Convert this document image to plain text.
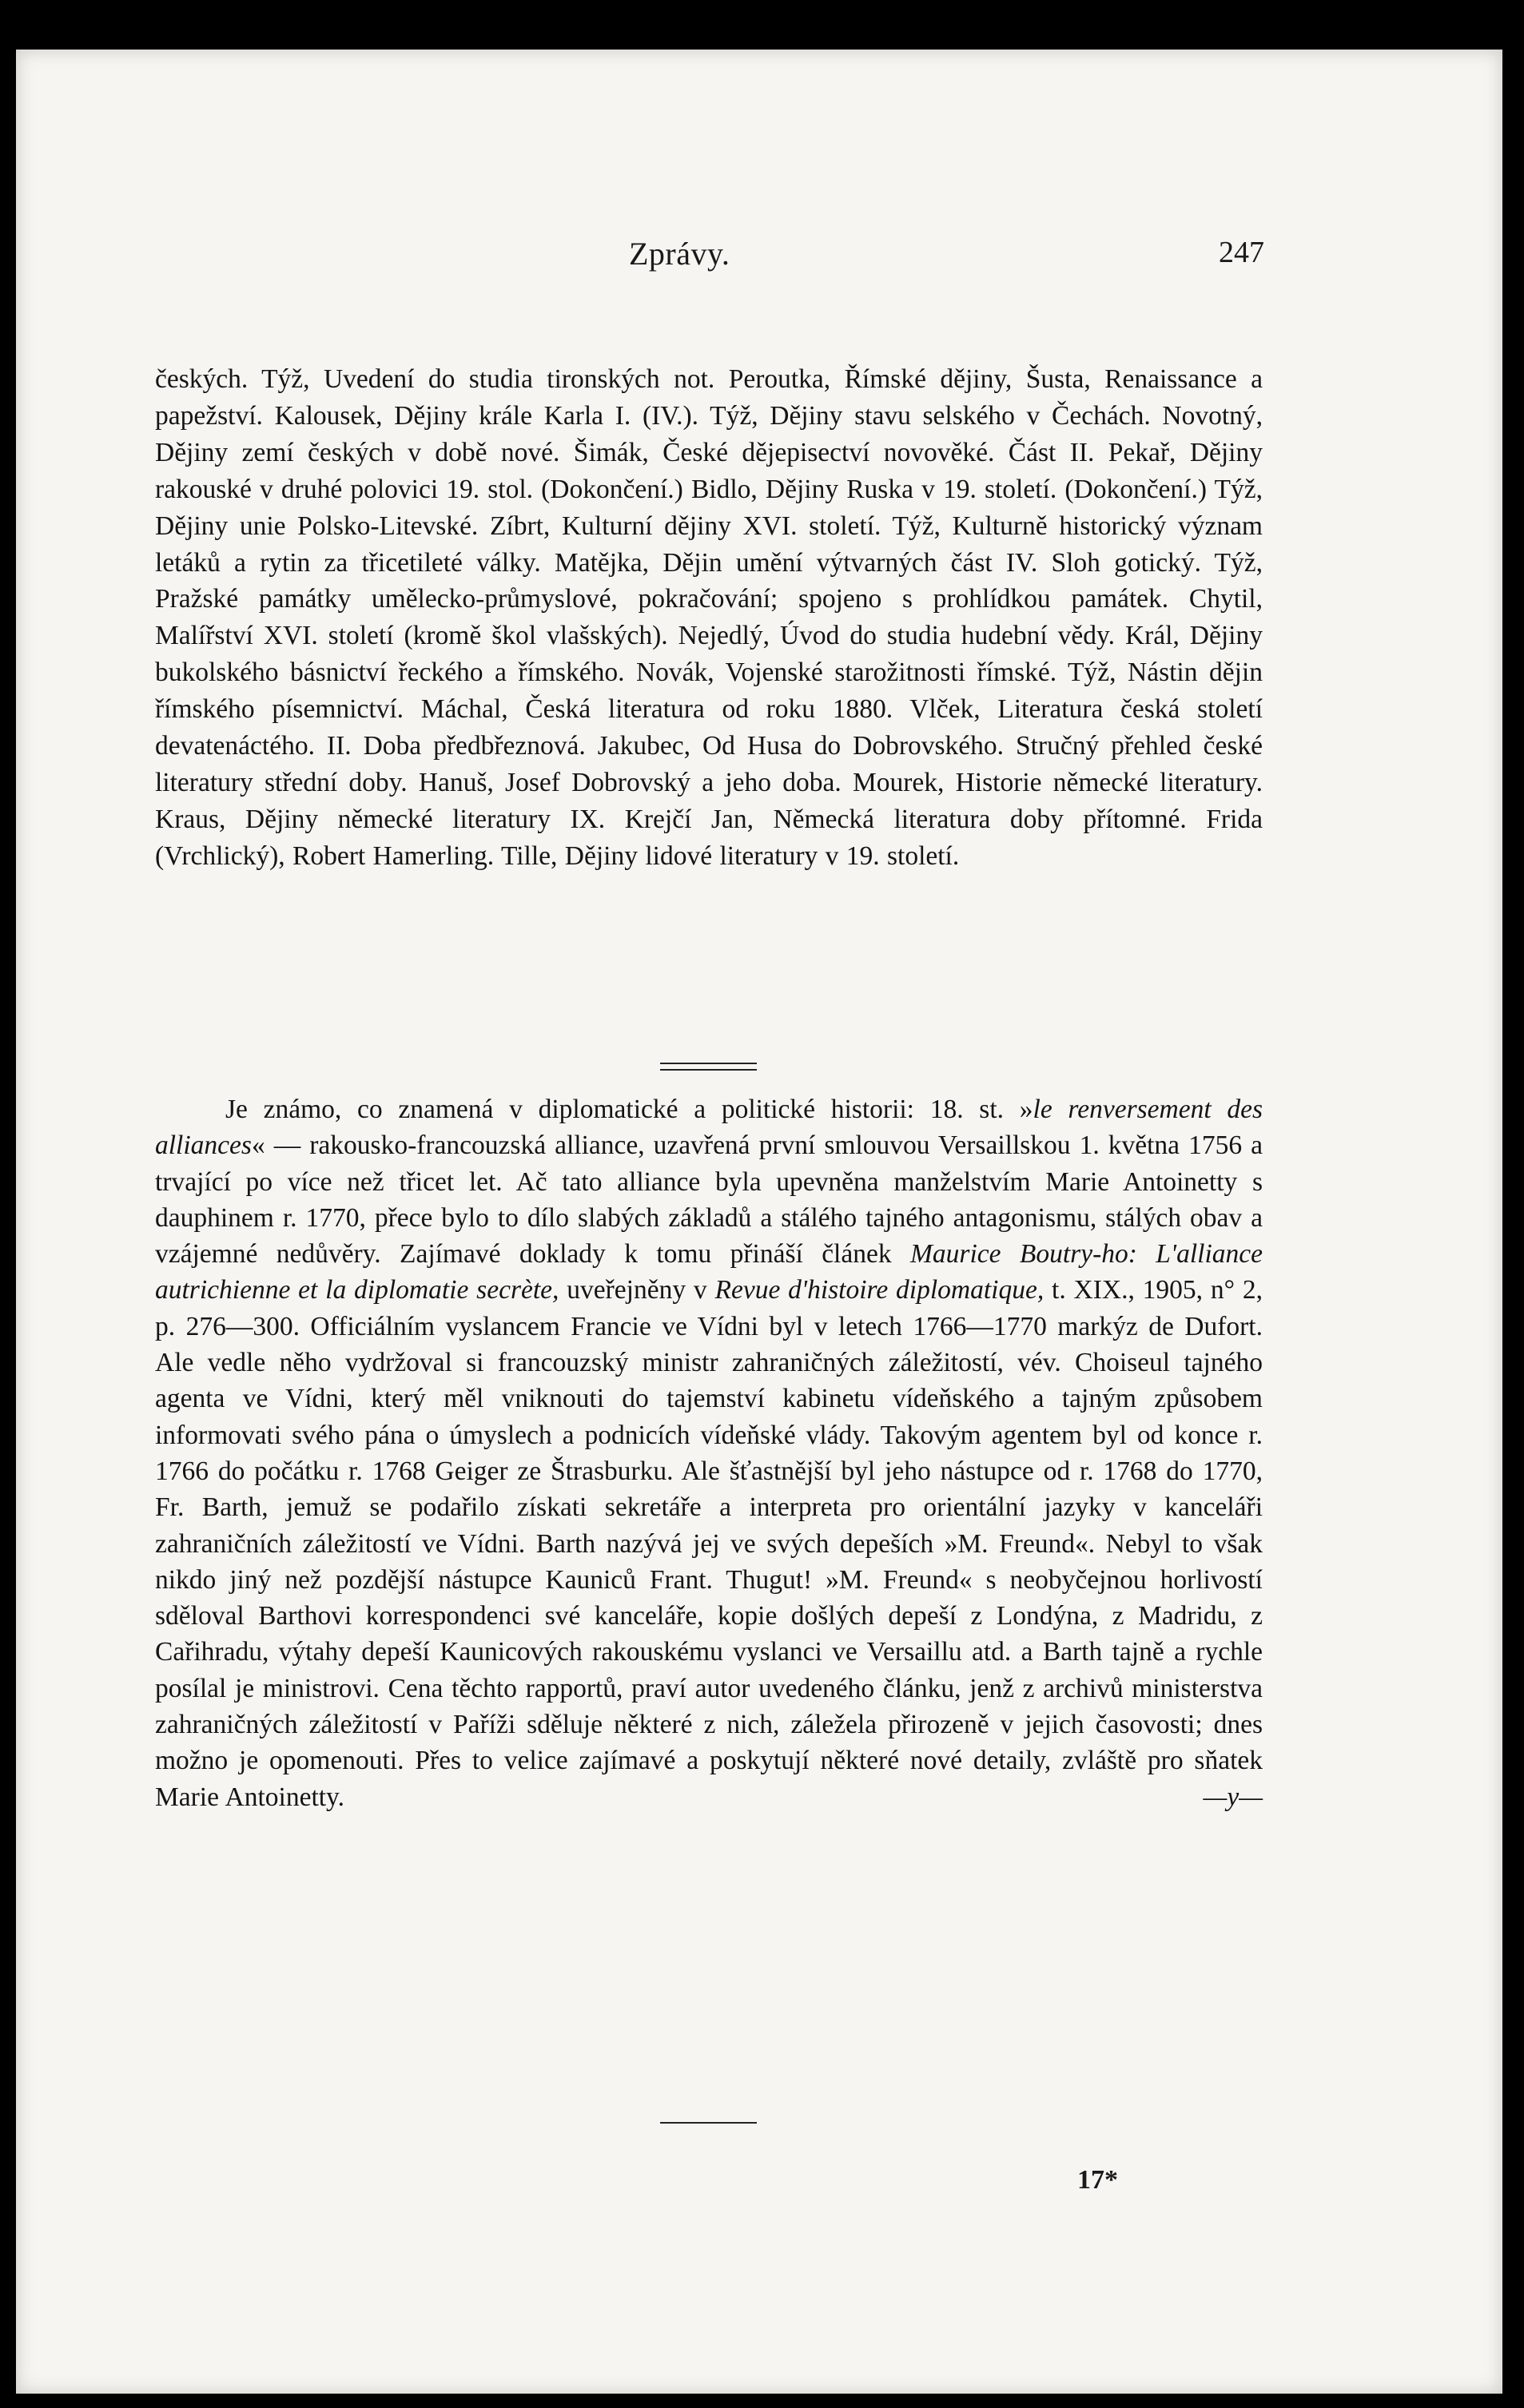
Zprávy.	247

českých. Týž, Uvedení do studia tironských not. Peroutka, Římské dějiny, Šusta, Renaissance a papežství. Kalousek, Dějiny krále Karla I. (IV.). Týž, Dějiny stavu selského v Čechách. Novotný, Dějiny zemí českých v době nové. Šimák, České dějepisectví novověké. Část II. Pekař, Dějiny rakouské v druhé polovici 19. stol. (Dokončení.) Bidlo, Dějiny Ruska v 19. století. (Dokončení.) Týž, Dějiny unie Polsko-Litevské. Zíbrt, Kulturní dějiny XVI. století. Týž, Kulturně historický význam letáků a rytin za třicetileté války. Matějka, Dějin umění výtvarných část IV. Sloh gotický. Týž, Pražské památky umělecko-průmyslové, pokračování; spojeno s prohlídkou památek. Chytil, Malířství XVI. století (kromě škol vlašských). Nejedlý, Úvod do studia hudební vědy. Král, Dějiny bukolského básnictví řeckého a římského. Novák, Vojenské starožitnosti římské. Týž, Nástin dějin římského písemnictví. Máchal, Česká literatura od roku 1880. Vlček, Literatura česká století devatenáctého. II. Doba předbřeznová. Jakubec, Od Husa do Dobrovského. Stručný přehled české literatury střední doby. Hanuš, Josef Dobrovský a jeho doba. Mourek, Historie německé literatury. Kraus, Dějiny německé literatury IX. Krejčí Jan, Německá literatura doby přítomné. Frida (Vrchlický), Robert Hamerling. Tille, Dějiny lidové literatury v 19. století.

Je známo, co znamená v diplomatické a politické historii: 18. st. »le renversement des alliances« — rakousko-francouzská alliance, uzavřená první smlouvou Versaillskou 1. května 1756 a trvající po více než třicet let. Ač tato alliance byla upevněna manželstvím Marie Antoinetty s dauphinem r. 1770, přece bylo to dílo slabých základů a stálého tajného antagonismu, stálých obav a vzájemné nedůvěry. Zajímavé doklady k tomu přináší článek Maurice Boutry-ho: L'alliance autrichienne et la diplomatie secrète, uveřejněny v Revue d'histoire diplomatique, t. XIX., 1905, n° 2, p. 276—300. Officiálním vyslancem Francie ve Vídni byl v letech 1766—1770 markýz de Dufort. Ale vedle něho vydržoval si francouzský ministr zahraničných záležitostí, vév. Choiseul tajného agenta ve Vídni, který měl vniknouti do tajemství kabinetu vídeňského a tajným způsobem informovati svého pána o úmyslech a podnicích vídeňské vlády. Takovým agentem byl od konce r. 1766 do počátku r. 1768 Geiger ze Štrasburku. Ale šťastnější byl jeho nástupce od r. 1768 do 1770, Fr. Barth, jemuž se podařilo získati sekretáře a interpreta pro orientální jazyky v kanceláři zahraničních záležitostí ve Vídni. Barth nazývá jej ve svých depeších »M. Freund«. Nebyl to však nikdo jiný než pozdější nástupce Kauniců Frant. Thugut! »M. Freund« s neobyčejnou horlivostí sděloval Barthovi korrespondenci své kanceláře, kopie došlých depeší z Londýna, z Madridu, z Cařihradu, výtahy depeší Kaunicových rakouskému vyslanci ve Versaillu atd. a Barth tajně a rychle posílal je ministrovi. Cena těchto rapportů, praví autor uvedeného článku, jenž z archivů ministerstva zahraničných záležitostí v Paříži sděluje některé z nich, záležela přirozeně v jejich časovosti; dnes možno je opomenouti. Přes to velice zajímavé a poskytují některé nové detaily, zvláště pro sňatek Marie Antoinetty.	—y—

17*
